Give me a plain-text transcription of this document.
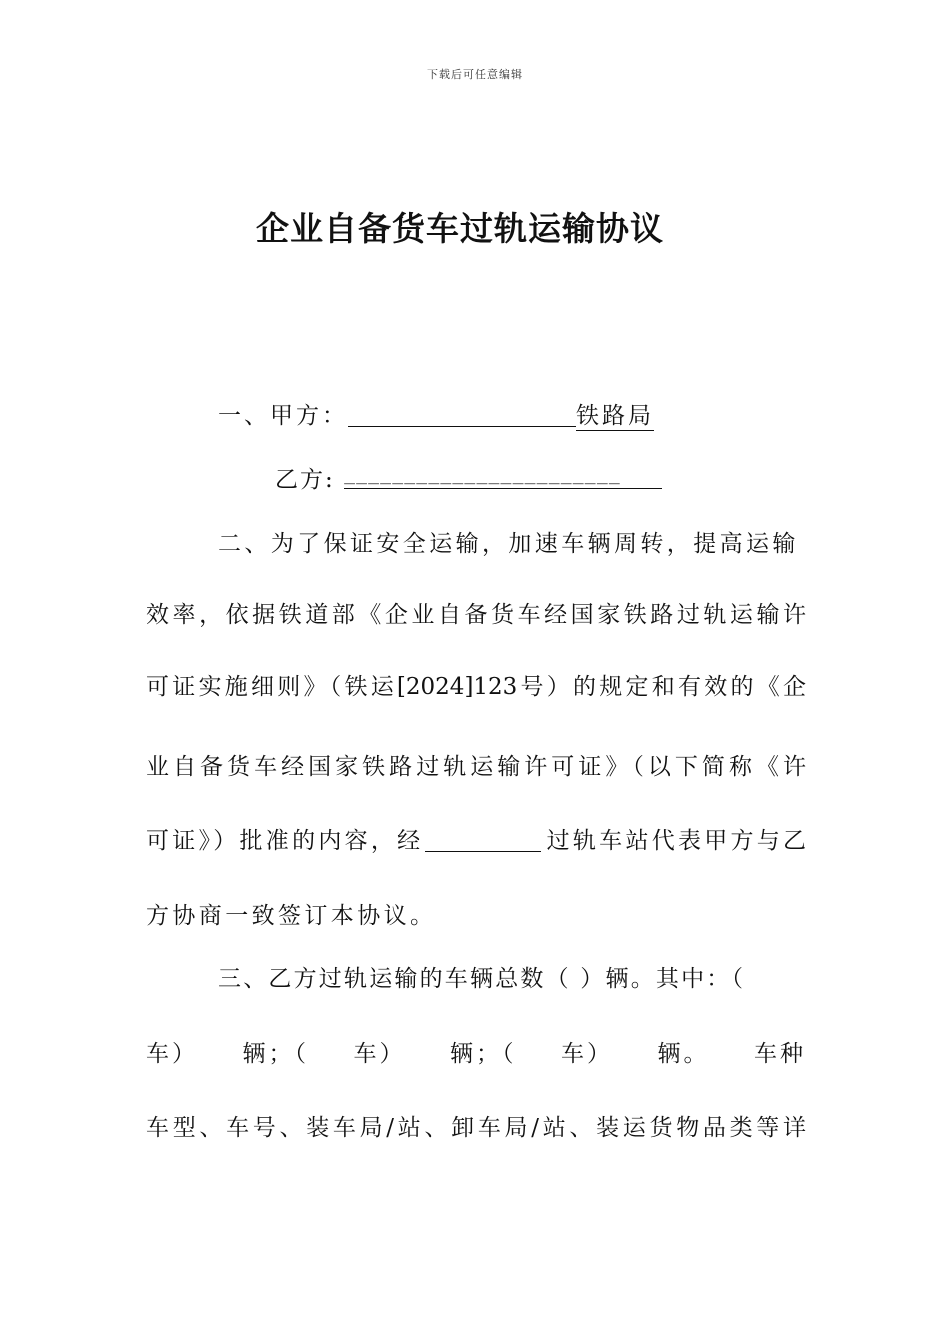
下载后可任意编辑
企业自备货车过轨运输协议
一、甲方：	铁路局
乙方: _______________________
二、为了保证安全运输，加速车辆周转，提高运输
效率，依据铁道部《企业自备货车经国家铁路过轨运输许
可证实施细则》（铁运[2024]123号）的规定和有效的《企
业自备货车经国家铁路过轨运输许可证》（以下简称《许
可证》）批准的内容，经	过轨车站代表甲方与乙
方协商一致签订本协议。
三、乙方过轨运输的车辆总数（ ）辆。其中：（
车） 辆；（ 车） 辆；（ 车） 辆。 车种
车型、车号、装车局/站、卸车局/站、装运货物品类等详
